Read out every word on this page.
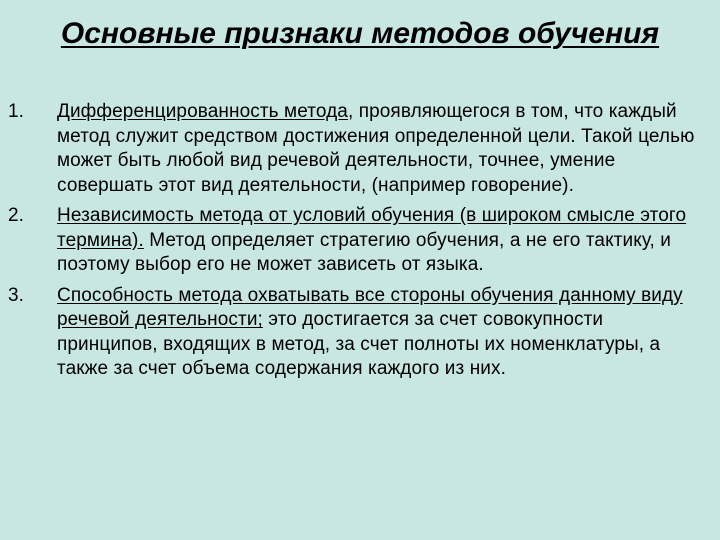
Основные признаки методов обучения
1. Дифференцированность метода, проявляющегося в том, что каждый метод служит средством достижения определенной цели. Такой целью может быть любой вид речевой деятельности, точнее, умение совершать этот вид деятельности, (например говорение).
2. Независимость метода от условий обучения (в широком смысле этого термина). Метод определяет стратегию обучения, а не его тактику, и поэтому выбор его не может зависеть от языка.
3. Способность метода охватывать все стороны обучения данному виду речевой деятельности; это достигается за счет совокупности принципов, входящих в метод, за счет полноты их номенклатуры, а также за счет объема содержания каждого из них.
